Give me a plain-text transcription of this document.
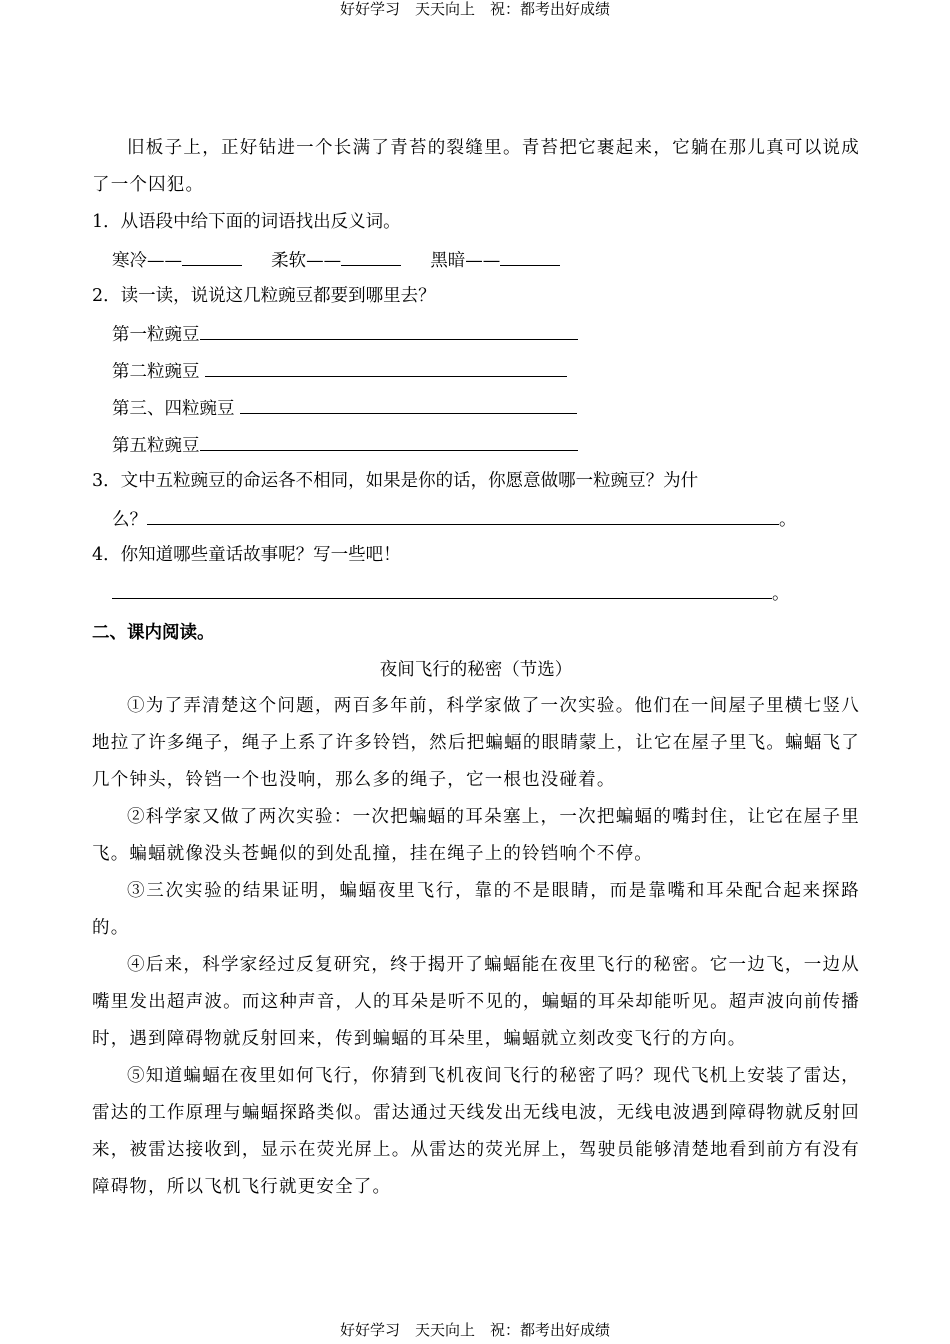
好好学习　天天向上　祝：都考出好成绩
旧板子上，正好钻进一个长满了青苔的裂缝里。青苔把它裹起来，它躺在那儿真可以说成了一个囚犯。
1．从语段中给下面的词语找出反义词。
寒冷——	柔软——	黑暗——
2．读一读，说说这几粒豌豆都要到哪里去？
第一粒豌豆
第二粒豌豆
第三、四粒豌豆
第五粒豌豆
3．文中五粒豌豆的命运各不相同，如果是你的话，你愿意做哪一粒豌豆？为什
么？	。
4．你知道哪些童话故事呢？写一些吧！
。
二、课内阅读。
夜间飞行的秘密（节选）
①为了弄清楚这个问题，两百多年前，科学家做了一次实验。他们在一间屋子里横七竖八地拉了许多绳子，绳子上系了许多铃铛，然后把蝙蝠的眼睛蒙上，让它在屋子里飞。蝙蝠飞了几个钟头，铃铛一个也没响，那么多的绳子，它一根也没碰着。
②科学家又做了两次实验：一次把蝙蝠的耳朵塞上，一次把蝙蝠的嘴封住，让它在屋子里飞。蝙蝠就像没头苍蝇似的到处乱撞，挂在绳子上的铃铛响个不停。
③三次实验的结果证明，蝙蝠夜里飞行，靠的不是眼睛，而是靠嘴和耳朵配合起来探路的。
④后来，科学家经过反复研究，终于揭开了蝙蝠能在夜里飞行的秘密。它一边飞，一边从嘴里发出超声波。而这种声音，人的耳朵是听不见的，蝙蝠的耳朵却能听见。超声波向前传播时，遇到障碍物就反射回来，传到蝙蝠的耳朵里，蝙蝠就立刻改变飞行的方向。
⑤知道蝙蝠在夜里如何飞行，你猜到飞机夜间飞行的秘密了吗？现代飞机上安装了雷达，雷达的工作原理与蝙蝠探路类似。雷达通过天线发出无线电波，无线电波遇到障碍物就反射回来，被雷达接收到，显示在荧光屏上。从雷达的荧光屏上，驾驶员能够清楚地看到前方有没有障碍物，所以飞机飞行就更安全了。
好好学习　天天向上　祝：都考出好成绩
